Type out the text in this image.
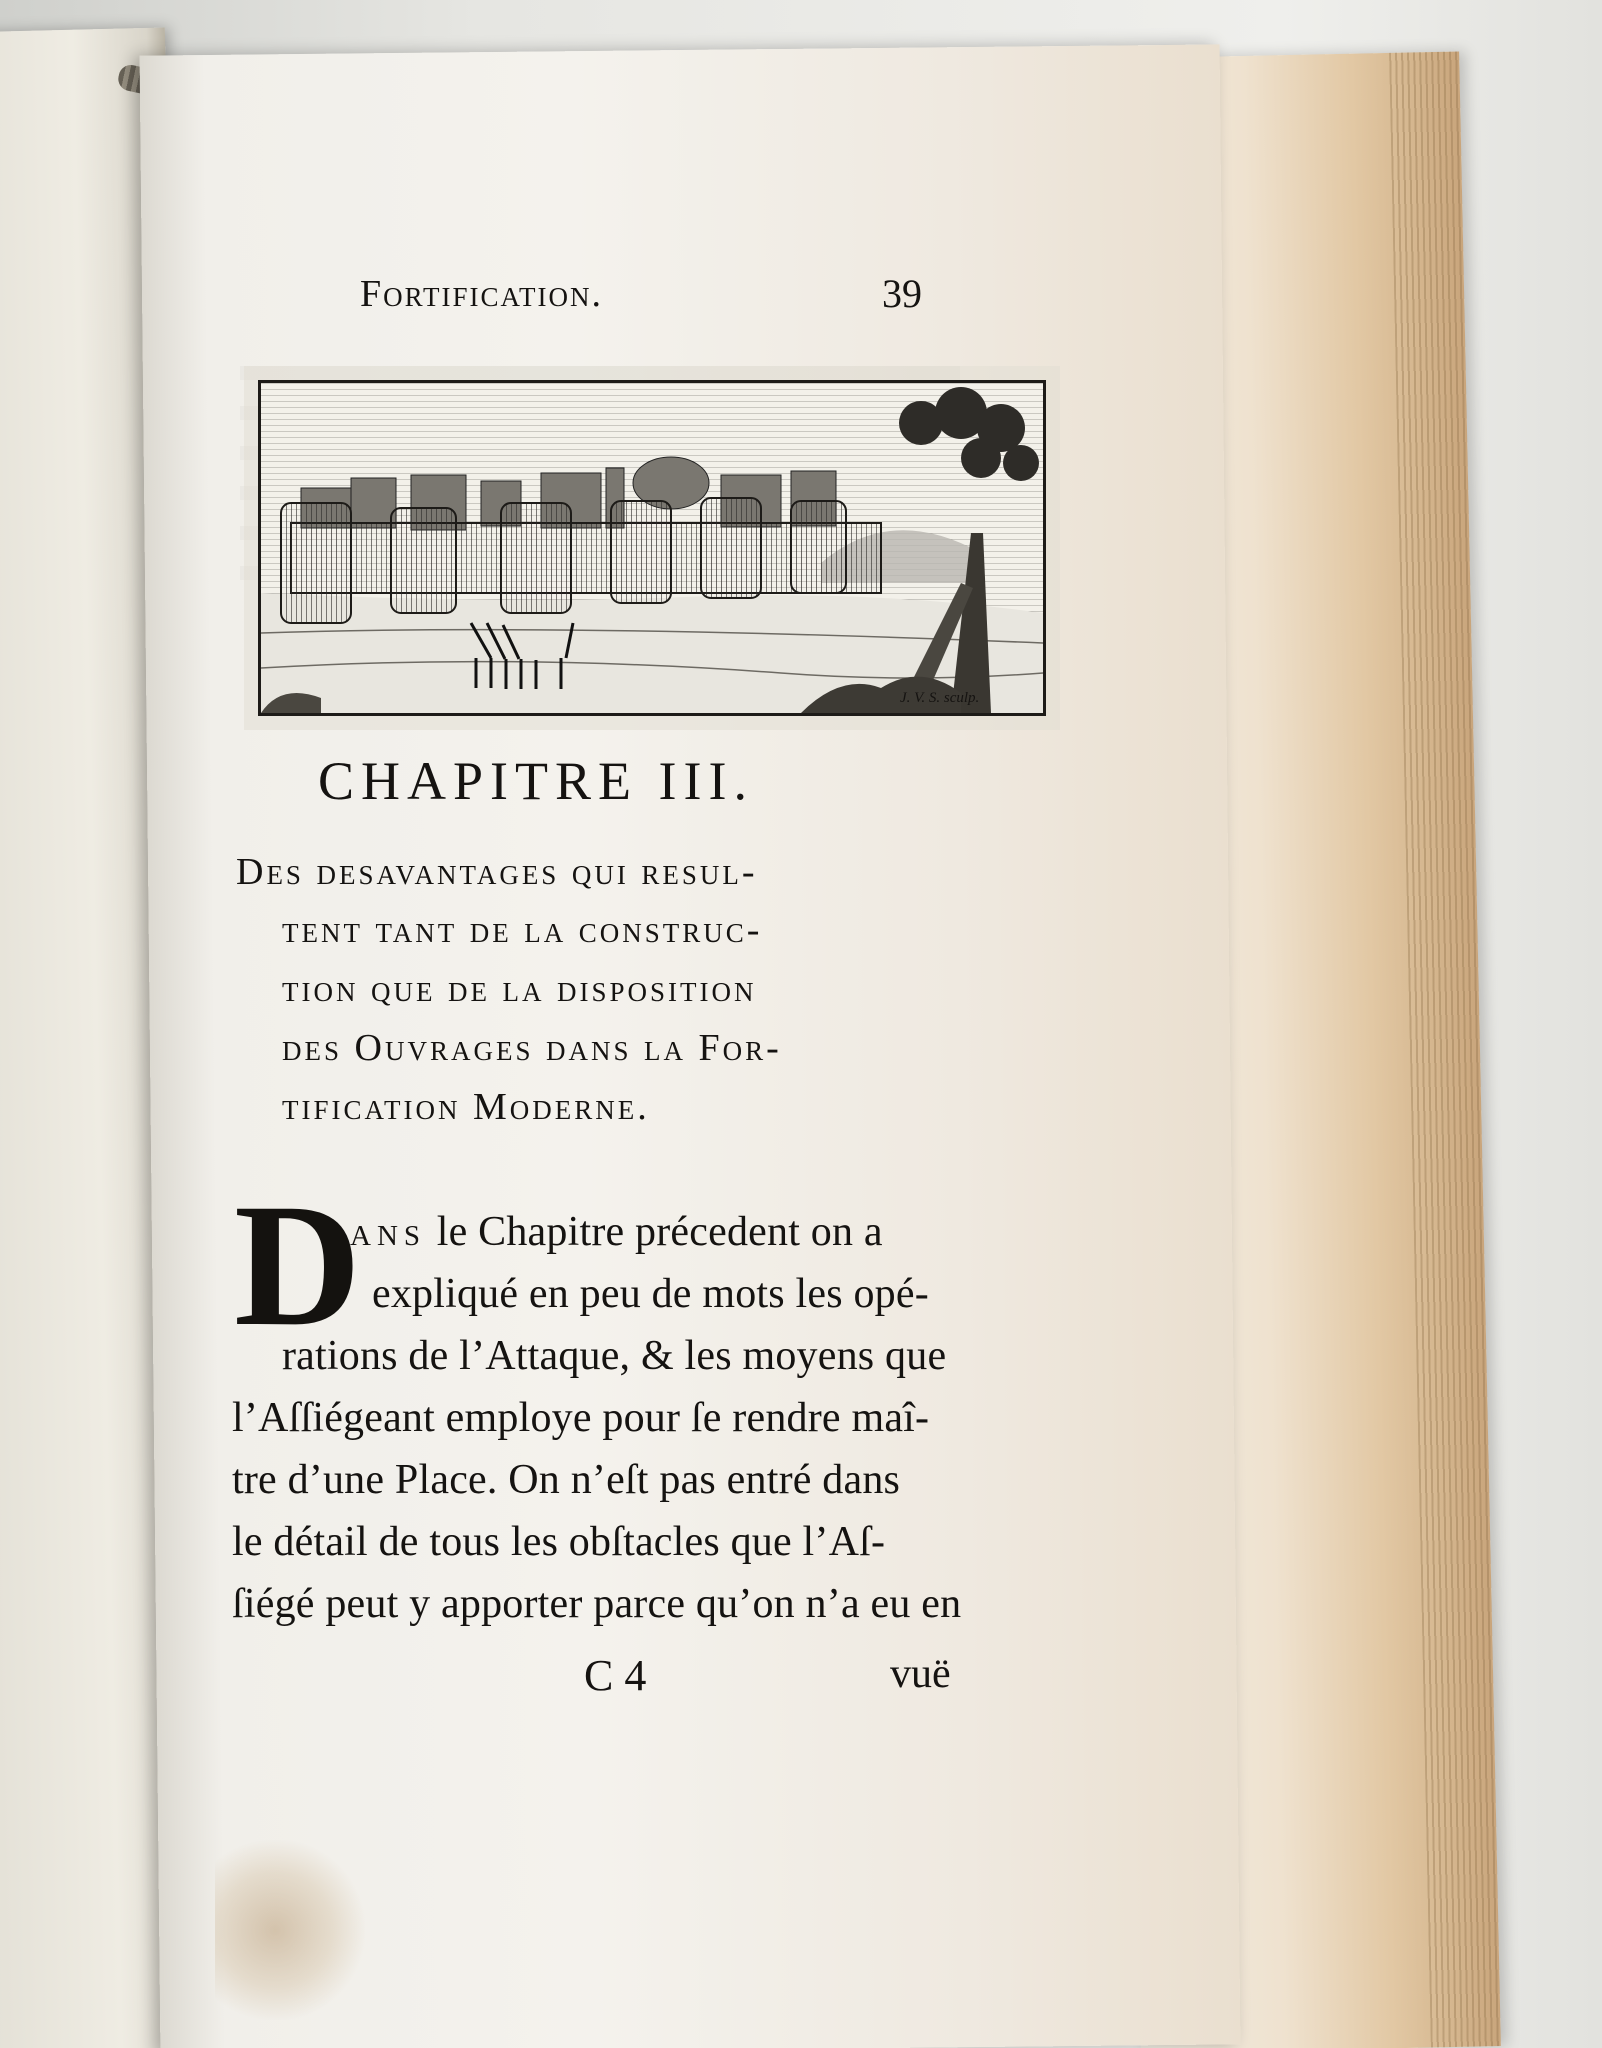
Fortification.	39
J. V. S. sculp.
CHAPITRE III.
Des desavantages qui resul-
tent tant de la construc-
tion que de la disposition
des Ouvrages dans la For-
tification Moderne.
D
ans le Chapitre précedent on a
expliqué en peu de mots les opé-
rations de l’Attaque, & les moyens que
l’Aſſiégeant employe pour ſe rendre maî-
tre d’une Place. On n’eſt pas entré dans
le détail de tous les obſtacles que l’Aſ-
ſiégé peut y apporter parce qu’on n’a eu en
C 4	vuë
